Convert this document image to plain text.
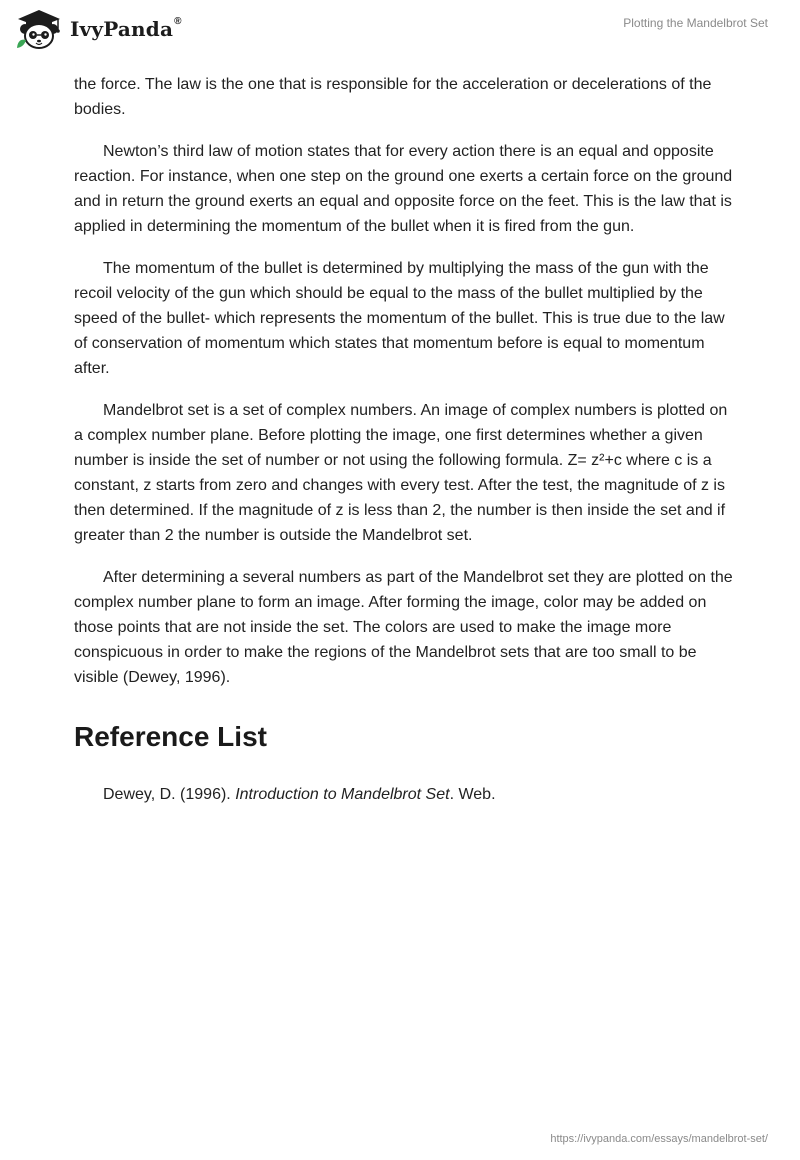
IvyPanda®	Plotting the Mandelbrot Set

the force. The law is the one that is responsible for the acceleration or decelerations of the bodies.

Newton’s third law of motion states that for every action there is an equal and opposite reaction. For instance, when one step on the ground one exerts a certain force on the ground and in return the ground exerts an equal and opposite force on the feet. This is the law that is applied in determining the momentum of the bullet when it is fired from the gun.

The momentum of the bullet is determined by multiplying the mass of the gun with the recoil velocity of the gun which should be equal to the mass of the bullet multiplied by the speed of the bullet- which represents the momentum of the bullet. This is true due to the law of conservation of momentum which states that momentum before is equal to momentum after.

Mandelbrot set is a set of complex numbers. An image of complex numbers is plotted on a complex number plane. Before plotting the image, one first determines whether a given number is inside the set of number or not using the following formula. Z= z²+c where c is a constant, z starts from zero and changes with every test. After the test, the magnitude of z is then determined. If the magnitude of z is less than 2, the number is then inside the set and if greater than 2 the number is outside the Mandelbrot set.

After determining a several numbers as part of the Mandelbrot set they are plotted on the complex number plane to form an image. After forming the image, color may be added on those points that are not inside the set. The colors are used to make the image more conspicuous in order to make the regions of the Mandelbrot sets that are too small to be visible (Dewey, 1996).

Reference List

Dewey, D. (1996). Introduction to Mandelbrot Set. Web.

https://ivypanda.com/essays/mandelbrot-set/
